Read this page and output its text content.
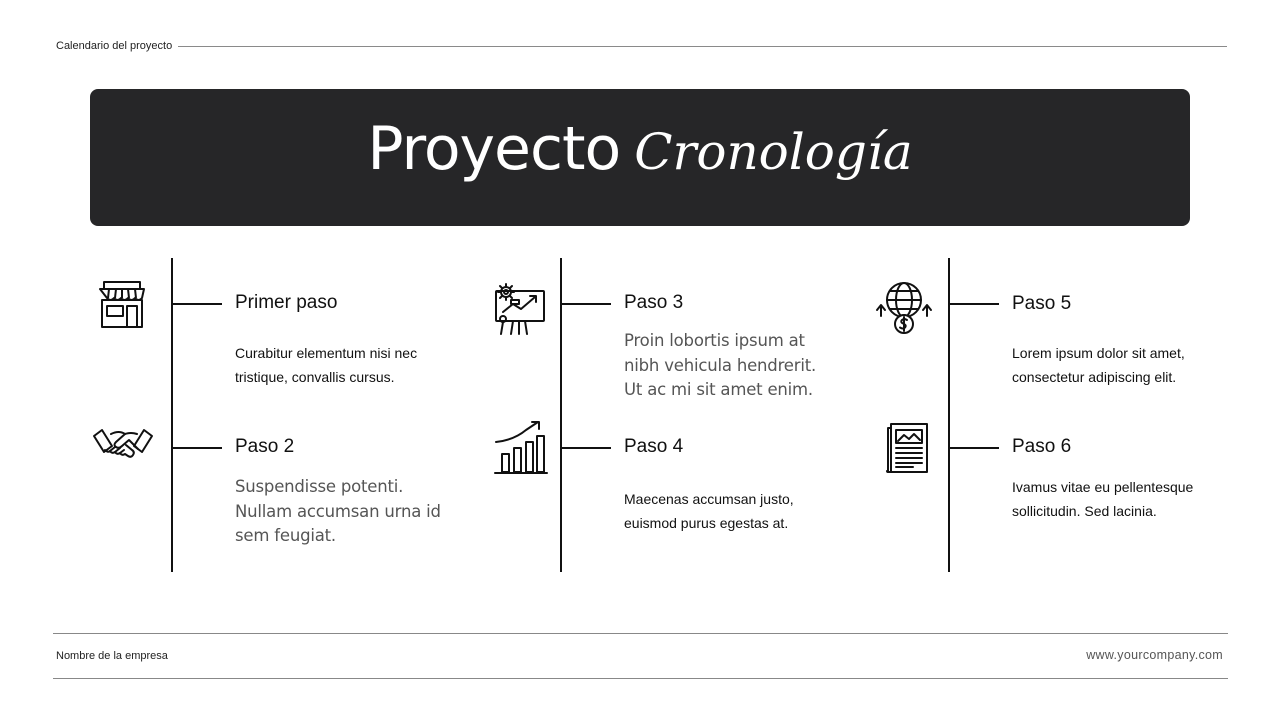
Calendario del proyecto
Proyecto Cronología
Primer paso
Curabitur elementum nisi nec tristique, convallis cursus.
Paso 2
Suspendisse potenti. Nullam accumsan urna id sem feugiat.
Paso 3
Proin lobortis ipsum at nibh vehicula hendrerit. Ut ac mi sit amet enim.
Paso 4
Maecenas accumsan justo, euismod purus egestas at.
Paso 5
Lorem ipsum dolor sit amet, consectetur adipiscing elit.
Paso 6
Ivamus vitae eu pellentesque sollicitudin. Sed lacinia.
Nombre de la empresa	www.yourcompany.com
